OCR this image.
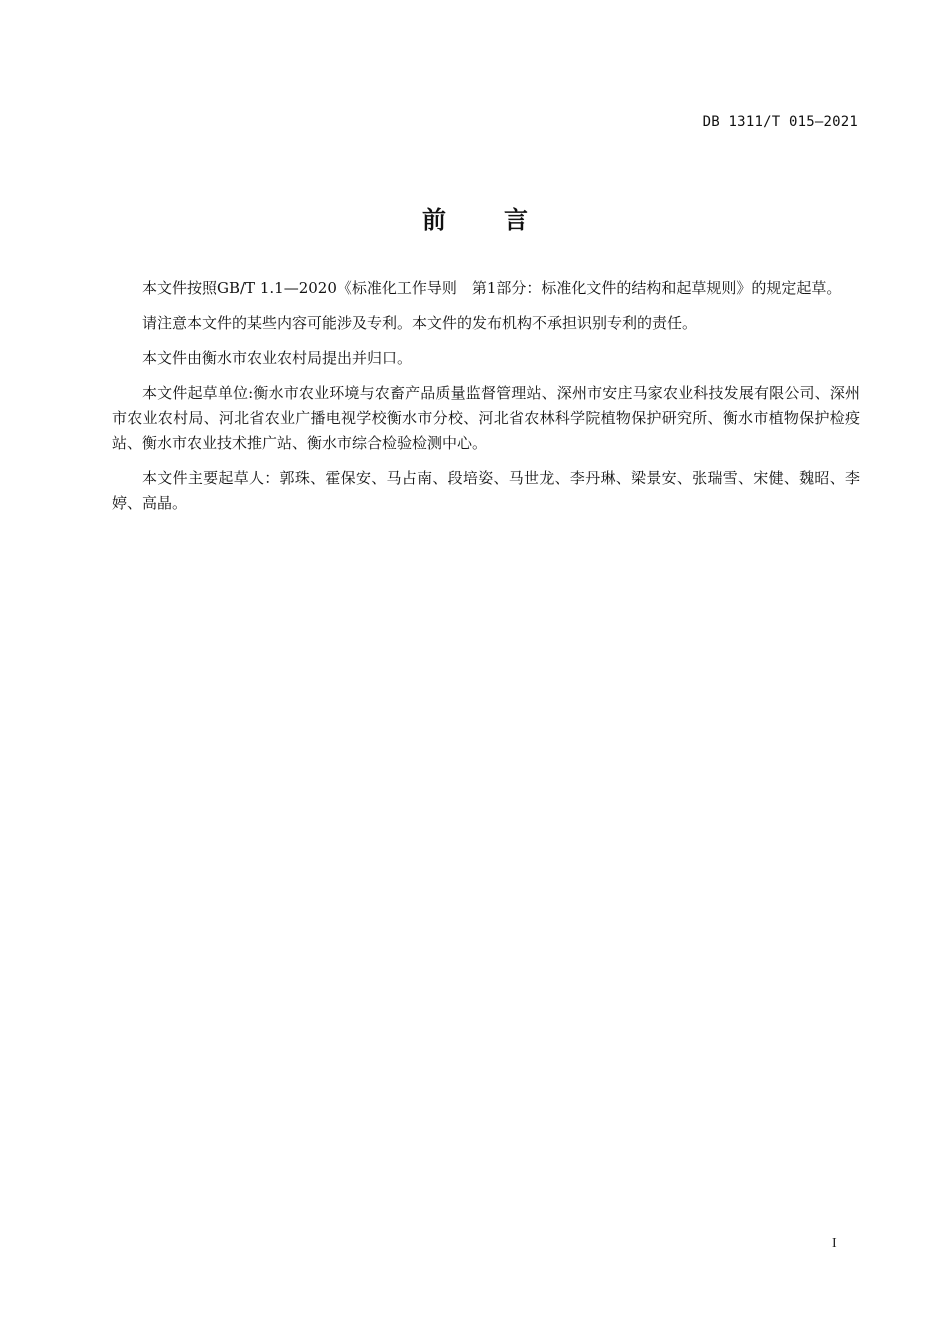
DB 1311/T 015—2021
前 言

本文件按照GB/T 1.1—2020《标准化工作导则　第1部分：标准化文件的结构和起草规则》的规定起草。

请注意本文件的某些内容可能涉及专利。本文件的发布机构不承担识别专利的责任。

本文件由衡水市农业农村局提出并归口。

本文件起草单位:衡水市农业环境与农畜产品质量监督管理站、深州市安庄马家农业科技发展有限公司、深州市农业农村局、河北省农业广播电视学校衡水市分校、河北省农林科学院植物保护研究所、衡水市植物保护检疫站、衡水市农业技术推广站、衡水市综合检验检测中心。

本文件主要起草人：郭珠、霍保安、马占南、段培姿、马世龙、李丹琳、梁景安、张瑞雪、宋健、魏昭、李婷、高晶。

I
